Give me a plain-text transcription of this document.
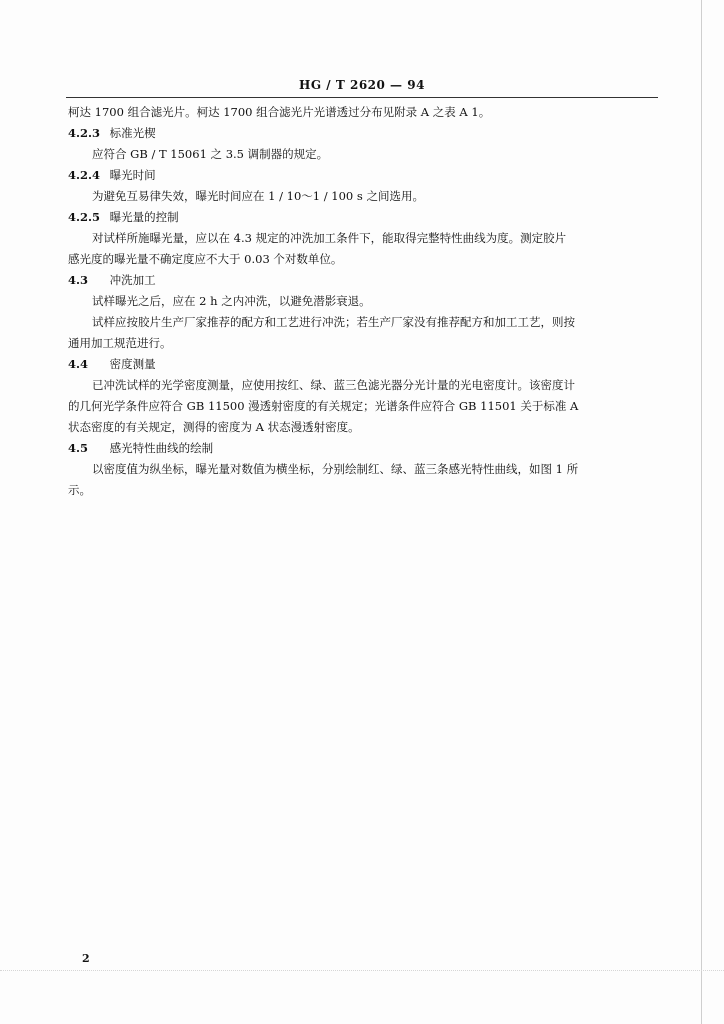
HG / T 2620 — 94

柯达 1700 组合滤光片。柯达 1700 组合滤光片光谱透过分布见附录 A 之表 A 1。

4.2.3 标准光楔

应符合 GB / T 15061 之 3.5 调制器的规定。

4.2.4 曝光时间

为避免互易律失效，曝光时间应在 1 / 10～1 / 100 s 之间选用。

4.2.5 曝光量的控制

对试样所施曝光量，应以在 4.3 规定的冲洗加工条件下，能取得完整特性曲线为度。测定胶片

感光度的曝光量不确定度应不大于 0.03 个对数单位。

4.3 冲洗加工

试样曝光之后，应在 2 h 之内冲洗，以避免潜影衰退。

试样应按胶片生产厂家推荐的配方和工艺进行冲洗；若生产厂家没有推荐配方和加工工艺，则按

通用加工规范进行。

4.4 密度测量

已冲洗试样的光学密度测量，应使用按红、绿、蓝三色滤光器分光计量的光电密度计。该密度计

的几何光学条件应符合 GB 11500 漫透射密度的有关规定；光谱条件应符合 GB 11501 关于标准 A

状态密度的有关规定，测得的密度为 A 状态漫透射密度。

4.5 感光特性曲线的绘制

以密度值为纵坐标，曝光量对数值为横坐标，分别绘制红、绿、蓝三条感光特性曲线，如图 1 所

示。

2
